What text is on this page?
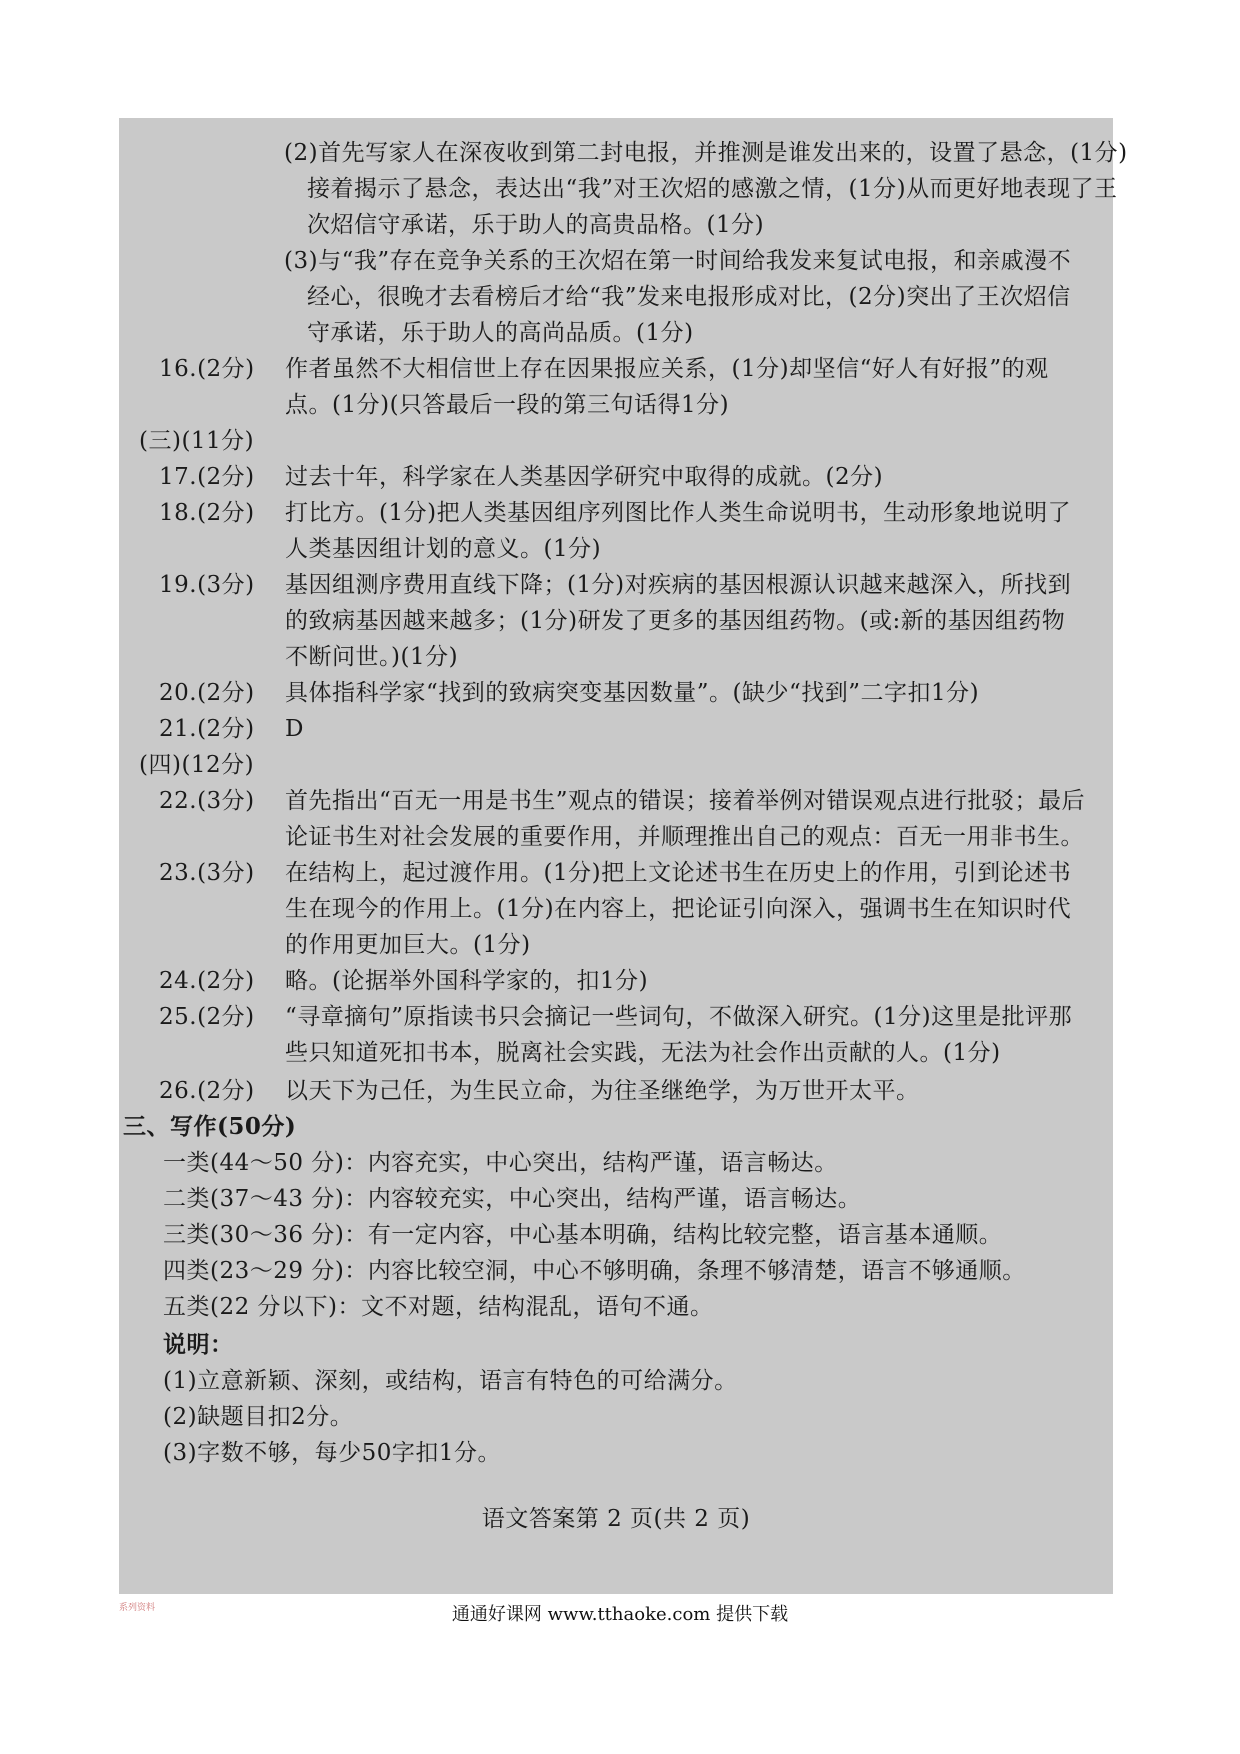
(2)首先写家人在深夜收到第二封电报，并推测是谁发出来的，设置了悬念，(1分)
接着揭示了悬念，表达出“我”对王次炤的感激之情，(1分)从而更好地表现了王
次炤信守承诺，乐于助人的高贵品格。(1分)
(3)与“我”存在竞争关系的王次炤在第一时间给我发来复试电报，和亲戚漫不
经心，很晚才去看榜后才给“我”发来电报形成对比，(2分)突出了王次炤信
守承诺，乐于助人的高尚品质。(1分)
16.(2分) 作者虽然不大相信世上存在因果报应关系，(1分)却坚信“好人有好报”的观
点。(1分)(只答最后一段的第三句话得1分)
(三)(11分)
17.(2分) 过去十年，科学家在人类基因学研究中取得的成就。(2分)
18.(2分) 打比方。(1分)把人类基因组序列图比作人类生命说明书，生动形象地说明了
人类基因组计划的意义。(1分)
19.(3分) 基因组测序费用直线下降；(1分)对疾病的基因根源认识越来越深入，所找到
的致病基因越来越多；(1分)研发了更多的基因组药物。(或:新的基因组药物
不断问世。)(1分)
20.(2分) 具体指科学家“找到的致病突变基因数量”。(缺少“找到”二字扣1分)
21.(2分) D
(四)(12分)
22.(3分) 首先指出“百无一用是书生”观点的错误；接着举例对错误观点进行批驳；最后
论证书生对社会发展的重要作用，并顺理推出自己的观点：百无一用非书生。
23.(3分) 在结构上，起过渡作用。(1分)把上文论述书生在历史上的作用，引到论述书
生在现今的作用上。(1分)在内容上，把论证引向深入，强调书生在知识时代
的作用更加巨大。(1分)
24.(2分) 略。(论据举外国科学家的，扣1分)
25.(2分) “寻章摘句”原指读书只会摘记一些词句，不做深入研究。(1分)这里是批评那
些只知道死扣书本，脱离社会实践，无法为社会作出贡献的人。(1分)
26.(2分) 以天下为己任，为生民立命，为往圣继绝学，为万世开太平。
三、写作(50分)
一类(44～50 分)：内容充实，中心突出，结构严谨，语言畅达。
二类(37～43 分)：内容较充实，中心突出，结构严谨，语言畅达。
三类(30～36 分)：有一定内容，中心基本明确，结构比较完整，语言基本通顺。
四类(23～29 分)：内容比较空洞，中心不够明确，条理不够清楚，语言不够通顺。
五类(22 分以下)：文不对题，结构混乱，语句不通。
说明：
(1)立意新颖、深刻，或结构，语言有特色的可给满分。
(2)缺题目扣2分。
(3)字数不够，每少50字扣1分。
语文答案第 2 页(共 2 页)
系列资料	通通好课网 www.tthaoke.com 提供下载
